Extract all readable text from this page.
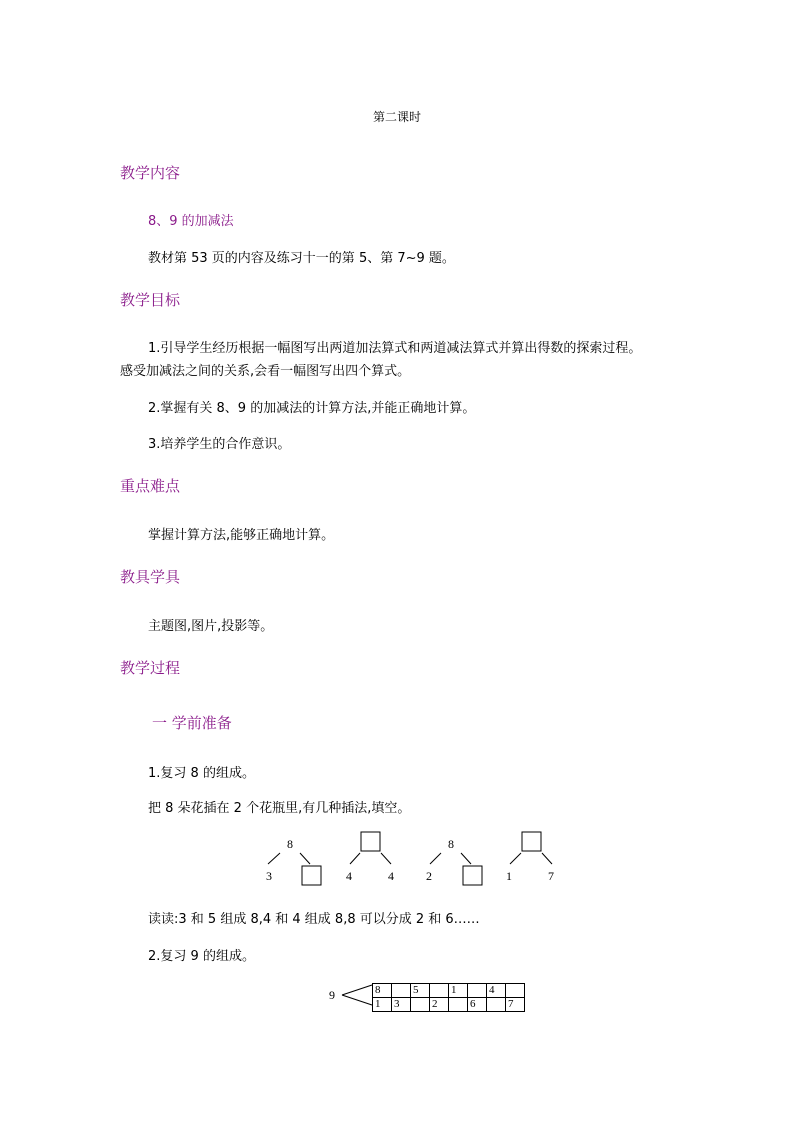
第二课时
教学内容
8、9 的加减法
教材第 53 页的内容及练习十一的第 5、第 7~9 题。
教学目标
1.引导学生经历根据一幅图写出两道加法算式和两道减法算式并算出得数的探索过程。
感受加减法之间的关系,会看一幅图写出四个算式。
2.掌握有关 8、9 的加减法的计算方法,并能正确地计算。
3.培养学生的合作意识。
重点难点
掌握计算方法,能够正确地计算。
教具学具
主题图,图片,投影等。
教学过程
一 学前准备
1.复习 8 的组成。
把 8 朵花插在 2 个花瓶里,有几种插法,填空。
8
3	4	4
8
2	1	7
读读:3 和 5 组成 8,4 和 4 组成 8,8 可以分成 2 和 6……
2.复习 9 的组成。
9	8		5		1		4	
1	3		2		6		7
